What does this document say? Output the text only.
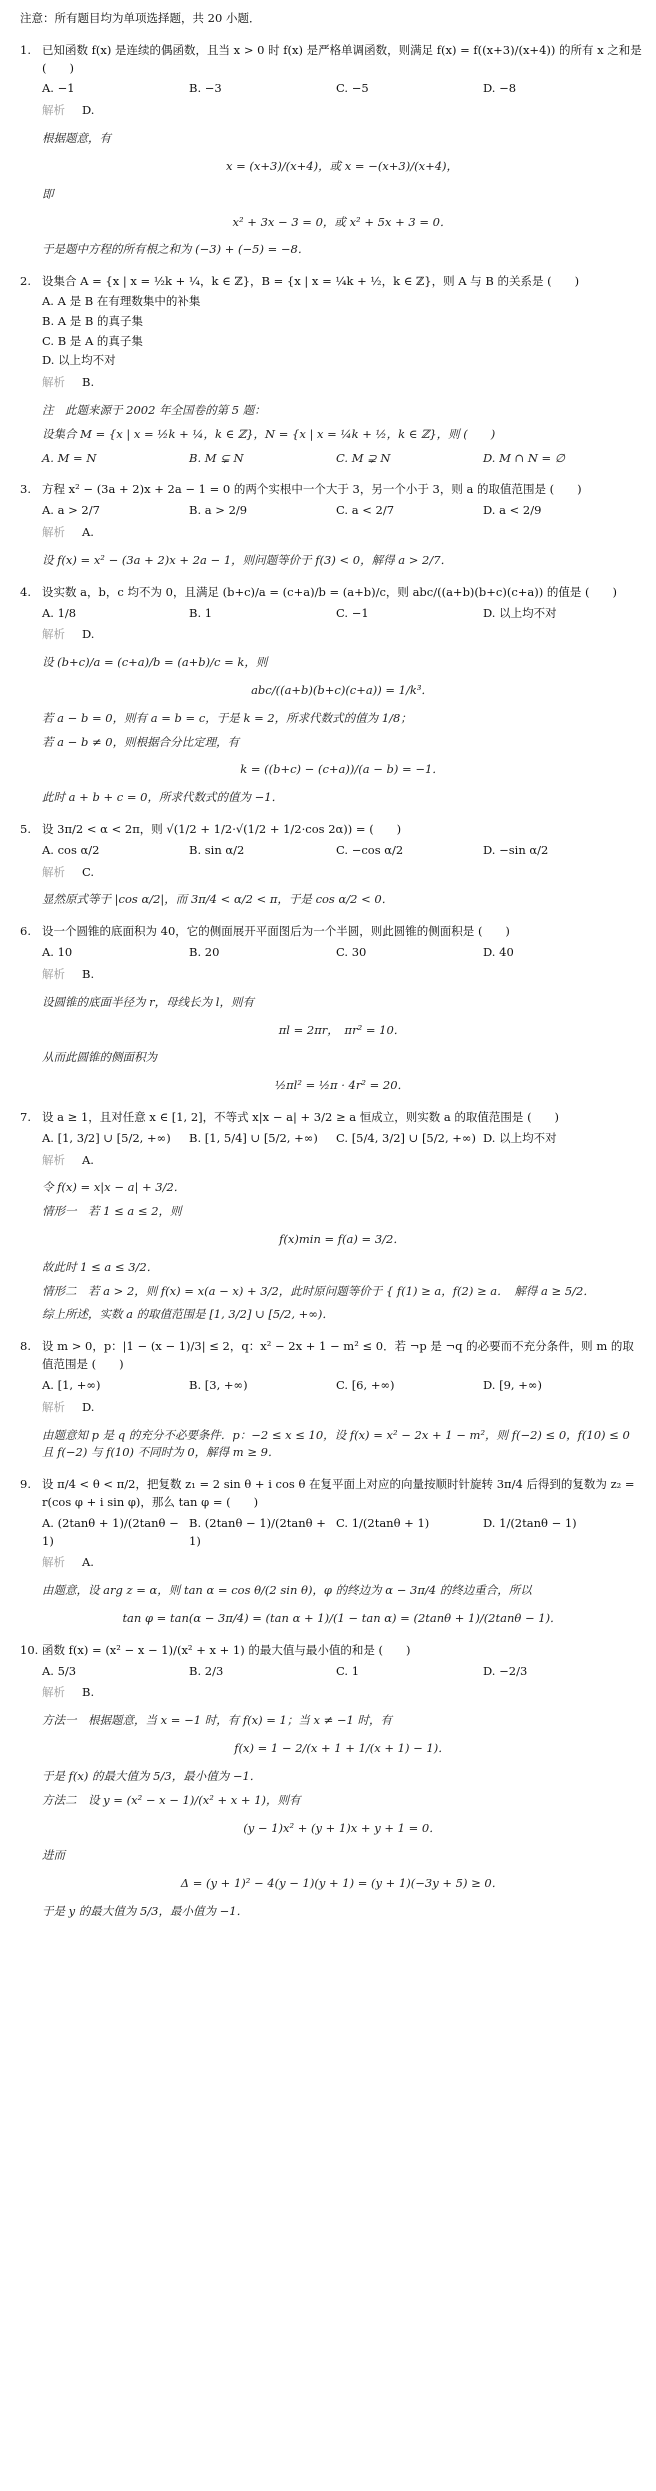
注意：所有题目均为单项选择题，共 20 小题．
1. 已知函数 f(x) 是连续的偶函数，且当 x > 0 时 f(x) 是严格单调函数，则满足 f(x) = f((x+3)/(x+4)) 的所有 x 之和是 (　　)
A. −1	B. −3	C. −5	D. −8
解析 D.

根据题意，有

x = (x+3)/(x+4)，或 x = −(x+3)/(x+4)，

即

x² + 3x − 3 = 0，或 x² + 5x + 3 = 0．

于是题中方程的所有根之和为 (−3) + (−5) = −8．

2. 设集合 A = {x | x = ½k + ¼，k ∈ ℤ}，B = {x | x = ¼k + ½，k ∈ ℤ}，则 A 与 B 的关系是 (　　)
A. A 是 B 在有理数集中的补集
B. A 是 B 的真子集
C. B 是 A 的真子集
D. 以上均不对
解析 B.

注　此题来源于 2002 年全国卷的第 5 题：

设集合 M = {x | x = ½k + ¼，k ∈ ℤ}，N = {x | x = ¼k + ½，k ∈ ℤ}，则 (　　)

A. M = N	B. M ⊊ N	C. M ⊋ N	D. M ∩ N = ∅
3. 方程 x² − (3a + 2)x + 2a − 1 = 0 的两个实根中一个大于 3，另一个小于 3，则 a 的取值范围是 (　　)
A. a > 2/7	B. a > 2/9	C. a < 2/7	D. a < 2/9
解析 A.

设 f(x) = x² − (3a + 2)x + 2a − 1，则问题等价于 f(3) < 0，解得 a > 2/7．

4. 设实数 a，b，c 均不为 0，且满足 (b+c)/a = (c+a)/b = (a+b)/c，则 abc/((a+b)(b+c)(c+a)) 的值是 (　　)
A. 1/8	B. 1	C. −1	D. 以上均不对
解析 D.

设 (b+c)/a = (c+a)/b = (a+b)/c = k，则

abc/((a+b)(b+c)(c+a)) = 1/k³．

若 a − b = 0，则有 a = b = c，于是 k = 2，所求代数式的值为 1/8；

若 a − b ≠ 0，则根据合分比定理，有

k = ((b+c) − (c+a))/(a − b) = −1．

此时 a + b + c = 0，所求代数式的值为 −1．

5. 设 3π/2 < α < 2π，则 √(1/2 + 1/2·√(1/2 + 1/2·cos 2α)) = (　　)
A. cos α/2	B. sin α/2	C. −cos α/2	D. −sin α/2
解析 C.

显然原式等于 |cos α/2|，而 3π/4 < α/2 < π，于是 cos α/2 < 0．

6. 设一个圆锥的底面积为 40，它的侧面展开平面图后为一个半圆，则此圆锥的侧面积是 (　　)
A. 10	B. 20	C. 30	D. 40
解析 B.

设圆锥的底面半径为 r，母线长为 l，则有

πl = 2πr，　πr² = 10．

从而此圆锥的侧面积为

½πl² = ½π · 4r² = 20．
7. 设 a ≥ 1，且对任意 x ∈ [1, 2]，不等式 x|x − a| + 3/2 ≥ a 恒成立，则实数 a 的取值范围是 (　　)
A. [1, 3/2] ∪ [5/2, +∞)	B. [1, 5/4] ∪ [5/2, +∞)	C. [5/4, 3/2] ∪ [5/2, +∞) D. 以上均不对
解析 A.

令 f(x) = x|x − a| + 3/2．

情形一　若 1 ≤ a ≤ 2，则

f(x)min = f(a) = 3/2．

故此时 1 ≤ a ≤ 3/2．

情形二　若 a > 2，则 f(x) = x(a − x) + 3/2，此时原问题等价于 { f(1) ≥ a，f(2) ≥ a．　解得 a ≥ 5/2．

综上所述，实数 a 的取值范围是 [1, 3/2] ∪ [5/2, +∞)．

8. 设 m > 0，p：|1 − (x − 1)/3| ≤ 2，q：x² − 2x + 1 − m² ≤ 0．若 ¬p 是 ¬q 的必要而不充分条件，则 m 的取值范围是 (　　)
A. [1, +∞)	B. [3, +∞)	C. [6, +∞)	D. [9, +∞)
解析 D.

由题意知 p 是 q 的充分不必要条件．p：−2 ≤ x ≤ 10，设 f(x) = x² − 2x + 1 − m²，则 f(−2) ≤ 0，f(10) ≤ 0 且 f(−2) 与 f(10) 不同时为 0，解得 m ≥ 9．

9. 设 π/4 < θ < π/2，把复数 z₁ = 2 sin θ + i cos θ 在复平面上对应的向量按顺时针旋转 3π/4 后得到的复数为 z₂ = r(cos φ + i sin φ)，那么 tan φ = (　　)
A. (2tanθ + 1)/(2tanθ − 1)
B. (2tanθ − 1)/(2tanθ + 1)
C. 1/(2tanθ + 1)	D. 1/(2tanθ − 1)
解析 A.

由题意，设 arg z = α，则 tan α = cos θ/(2 sin θ)，φ 的终边为 α − 3π/4 的终边重合，所以

tan φ = tan(α − 3π/4) = (tan α + 1)/(1 − tan α) = (2tanθ + 1)/(2tanθ − 1)．
10. 函数 f(x) = (x² − x − 1)/(x² + x + 1) 的最大值与最小值的和是 (　　)
A. 5/3	B. 2/3	C. 1	D. −2/3
解析 B.

方法一　根据题意，当 x = −1 时，有 f(x) = 1；当 x ≠ −1 时，有

f(x) = 1 − 2/(x + 1 + 1/(x + 1) − 1)．

于是 f(x) 的最大值为 5/3，最小值为 −1．

方法二　设 y = (x² − x − 1)/(x² + x + 1)，则有

(y − 1)x² + (y + 1)x + y + 1 = 0．

进而

Δ = (y + 1)² − 4(y − 1)(y + 1) = (y + 1)(−3y + 5) ≥ 0．

于是 y 的最大值为 5/3，最小值为 −1．
